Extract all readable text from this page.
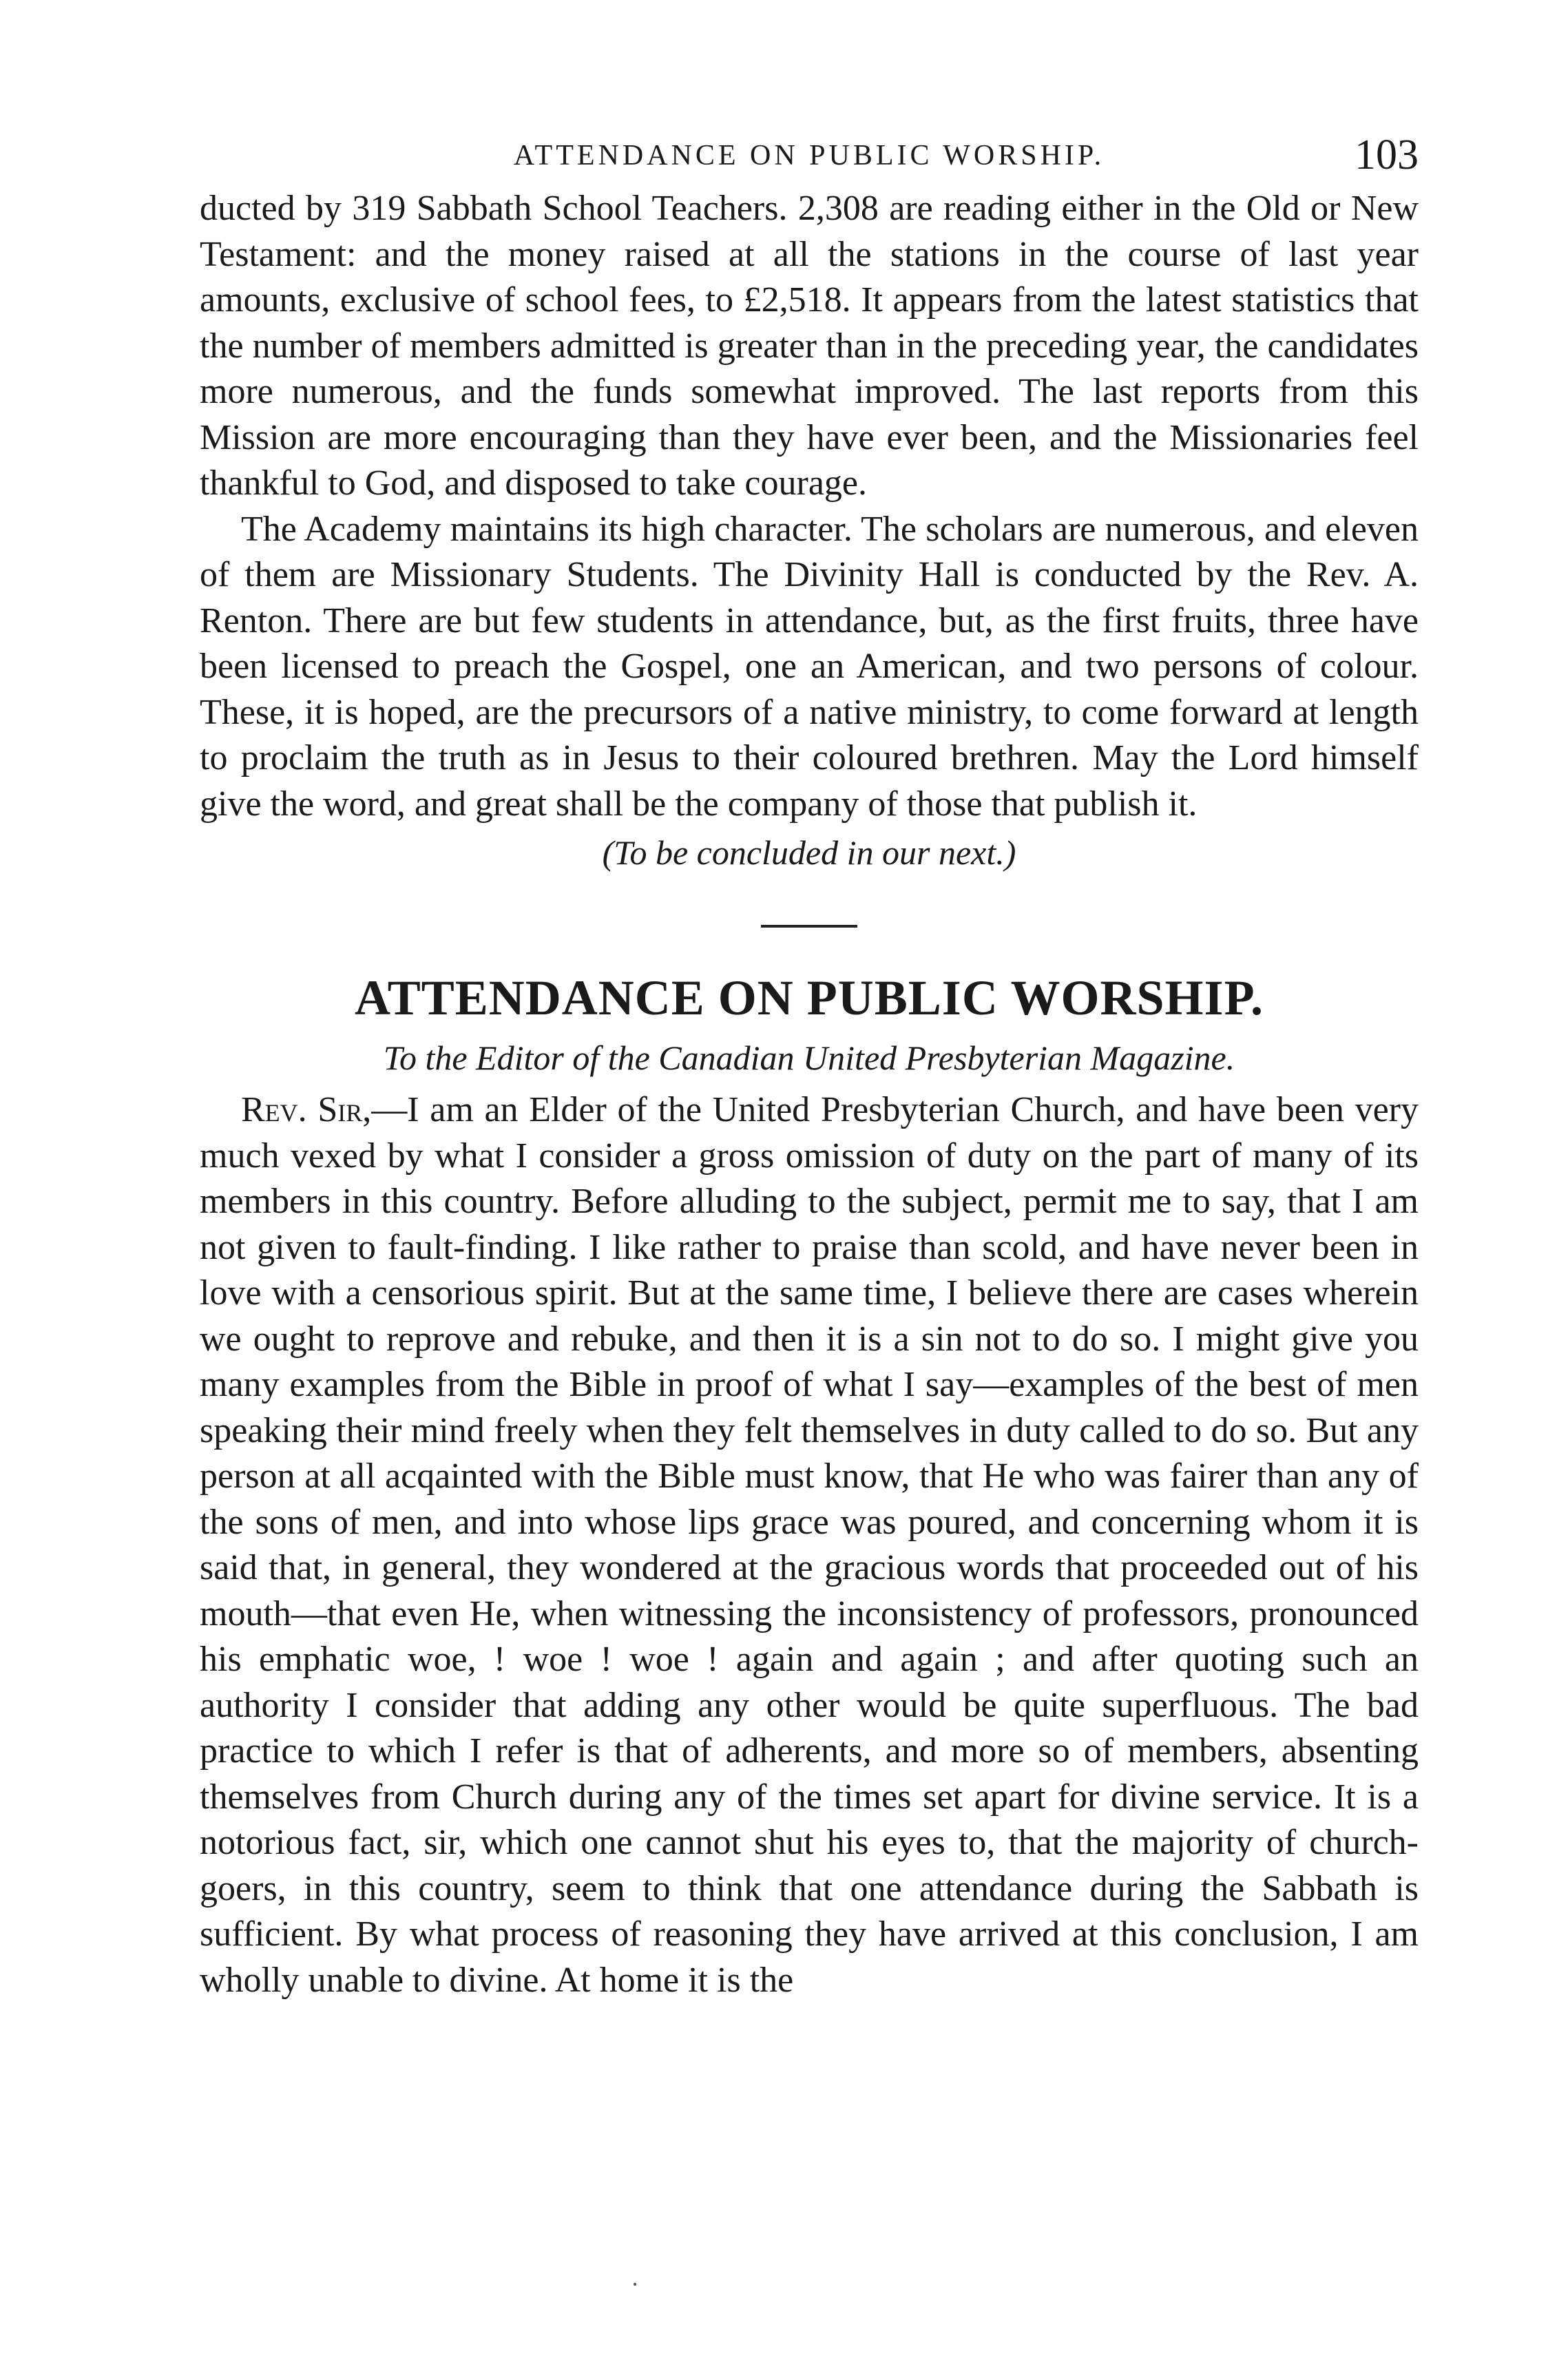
ATTENDANCE ON PUBLIC WORSHIP.	103

ducted by 319 Sabbath School Teachers. 2,308 are reading either in the Old or New Testament: and the money raised at all the stations in the course of last year amounts, exclusive of school fees, to £2,518. It appears from the latest statistics that the number of members admitted is greater than in the preceding year, the candidates more numerous, and the funds somewhat improved. The last reports from this Mission are more encouraging than they have ever been, and the Missionaries feel thankful to God, and disposed to take courage.

The Academy maintains its high character. The scholars are numerous, and eleven of them are Missionary Students. The Divinity Hall is conducted by the Rev. A. Renton. There are but few students in attendance, but, as the first fruits, three have been licensed to preach the Gospel, one an American, and two persons of colour. These, it is hoped, are the precursors of a native ministry, to come forward at length to proclaim the truth as in Jesus to their coloured brethren. May the Lord himself give the word, and great shall be the company of those that publish it.

(To be concluded in our next.)

ATTENDANCE ON PUBLIC WORSHIP.
To the Editor of the Canadian United Presbyterian Magazine.

Rev. Sir,—I am an Elder of the United Presbyterian Church, and have been very much vexed by what I consider a gross omission of duty on the part of many of its members in this country. Before alluding to the subject, permit me to say, that I am not given to fault-finding. I like rather to praise than scold, and have never been in love with a censorious spirit. But at the same time, I believe there are cases wherein we ought to reprove and rebuke, and then it is a sin not to do so. I might give you many examples from the Bible in proof of what I say—examples of the best of men speaking their mind freely when they felt themselves in duty called to do so. But any person at all acqainted with the Bible must know, that He who was fairer than any of the sons of men, and into whose lips grace was poured, and concerning whom it is said that, in general, they wondered at the gracious words that proceeded out of his mouth—that even He, when witnessing the inconsistency of professors, pronounced his emphatic woe, ! woe ! woe ! again and again ; and after quoting such an authority I consider that adding any other would be quite superfluous. The bad practice to which I refer is that of adherents, and more so of members, absenting themselves from Church during any of the times set apart for divine service. It is a notorious fact, sir, which one cannot shut his eyes to, that the majority of church-goers, in this country, seem to think that one attendance during the Sabbath is sufficient. By what process of reasoning they have arrived at this conclusion, I am wholly unable to divine. At home it is the
